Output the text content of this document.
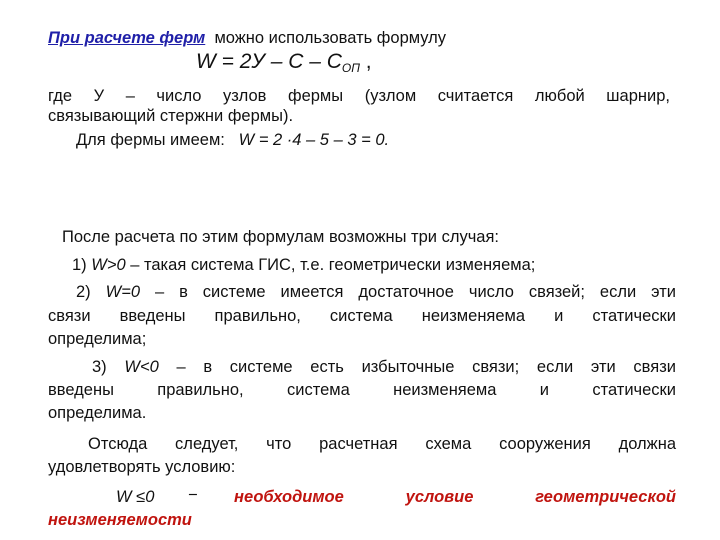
При расчете ферм можно использовать формулу
$W = 2У - С - С_{ОП}$ ,
где У – число узлов фермы (узлом считается любой шарнир,
связывающий стержни фермы).
Для фермы имеем: W = 2 ·4 – 5 – 3 = 0.
После расчета по этим формулам возможны три случая:
1) W>0 – такая система ГИС, т.е. геометрически изменяема;
2) W=0 – в системе имеется достаточное число связей; если эти
связи введены правильно, система неизменяема и статически
определима;
3) W<0 – в системе есть избыточные связи; если эти связи
введены правильно, система неизменяема и статически
определима.
Отсюда следует, что расчетная схема сооружения должна
удовлетворять условию:
W ≤0 − необходимое условие геометрической
неизменяемости
